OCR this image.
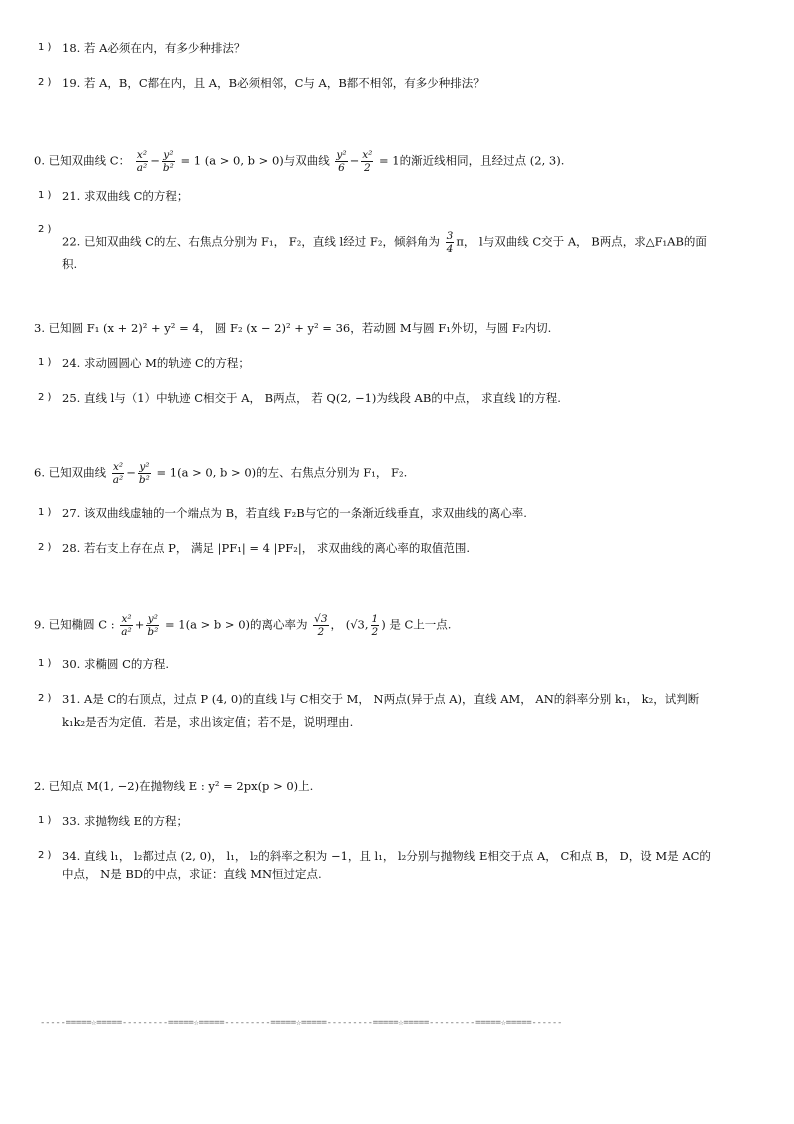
1 ) 18. 若 A必须在内，有多少种排法？
2 ) 19. 若 A，B，C都在内，且 A，B必须相邻，C与 A，B都不相邻，有多少种排法？
0. 已知双曲线 C： $\frac{\text{x²}}{\text{a²}} - \frac{\text{y²}}{\text{b²}} = 1$ (a > 0, b > 0)与双曲线 $\frac{\text{y²}}{6} - \frac{\text{x²}}{2} = 1$的渐近线相同，且经过点 (2, 3).
1 ) 21. 求双曲线 C的方程；
2 )
22. 已知双曲线 C的左、右焦点分别为 F₁， F₂，直线 l经过 F₂，倾斜角为 $\frac{3}{4}$ π， l与双曲线 C交于 A， B两点，求△F₁AB的面
积.
3. 已知圆 F₁ (x + 2)² + y² = 4， 圆 F₂ (x − 2)² + y² = 36，若动圆 M与圆 F₁外切，与圆 F₂内切.
1 ) 24. 求动圆圆心 M的轨迹 C的方程；
2 ) 25. 直线 l与（1）中轨迹 C相交于 A， B两点， 若 Q(2, −1)为线段 AB的中点， 求直线 l的方程.
6. 已知双曲线 $\frac{\text{x²}}{\text{a²}} - \frac{\text{y²}}{\text{b²}} = 1(a > 0$, b > 0)的左、右焦点分别为 F₁， F₂.
1 ) 27. 该双曲线虚轴的一个端点为 B，若直线 F₂B与它的一条渐近线垂直，求双曲线的离心率.
2 ) 28. 若右支上存在点 P， 满足 |PF₁| = 4 |PF₂|， 求双曲线的离心率的取值范围.
9. 已知椭圆 C : $\frac{\text{x²}}{\text{a²}} + \frac{\text{y²}}{\text{b²}} = 1(a > b > 0)$的离心率为 $\frac{√3}{2}$ ， (√3, $\frac{1}{2}$ ) 是 C上一点.
1 ) 30. 求椭圆 C的方程.
2 ) 31. A是 C的右顶点，过点 P (4, 0)的直线 l与 C相交于 M， N两点(异于点 A)，直线 AM， AN的斜率分别 k₁， k₂，试判断
k₁k₂是否为定值．若是，求出该定值；若不是，说明理由.
2. 已知点 M(1, −2)在抛物线 E : y² = 2px(p > 0)上.
1 ) 33. 求抛物线 E的方程；
2 ) 34. 直线 l₁， l₂都过点 (2, 0)， l₁， l₂的斜率之积为 −1，且 l₁， l₂分别与抛物线 E相交于点 A， C和点 B， D，设 M是 AC的
中点， N是 BD的中点，求证：直线 MN恒过定点.
-----=====☆=====---------=====☆=====---------=====☆=====---------=====☆=====---------=====☆=====------
